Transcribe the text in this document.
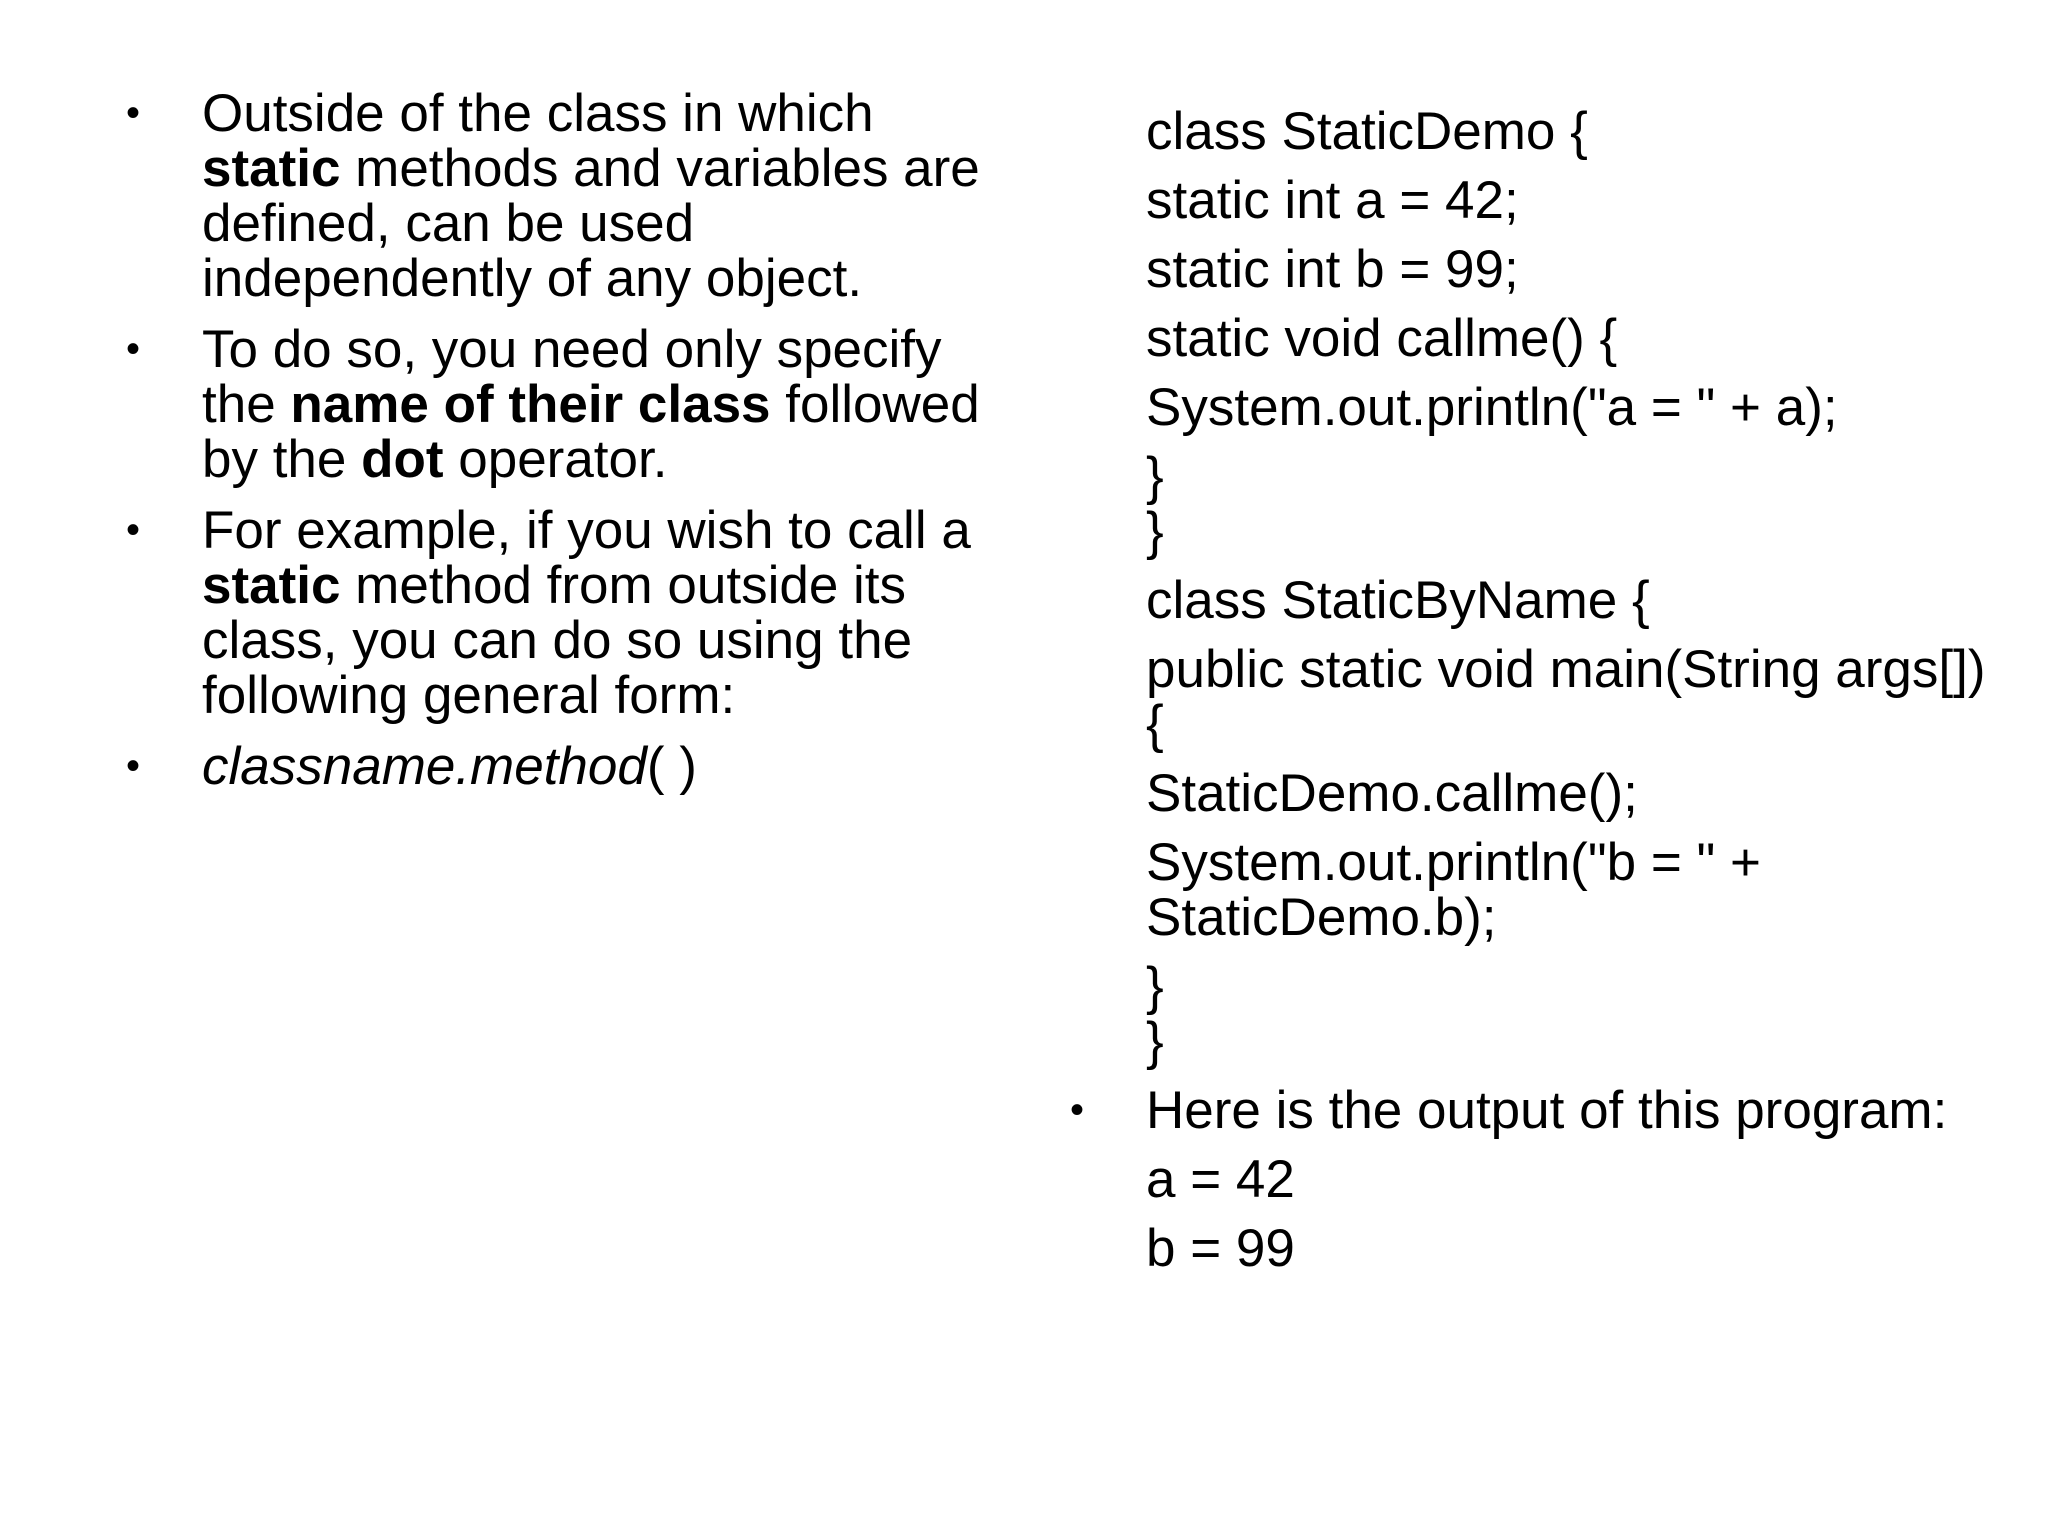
• Outside of the class in which static methods and variables are defined, can be used independently of any object.
• To do so, you need only specify the name of their class followed by the dot operator.
• For example, if you wish to call a static method from outside its class, you can do so using the following general form:
• classname.method( )
class StaticDemo {
static int a = 42;
static int b = 99;
static void callme() {
System.out.println("a = " + a);
}
}
class StaticByName {
public static void main(String args[]) {
StaticDemo.callme();
System.out.println("b = " + StaticDemo.b);
}
}
• Here is the output of this program:
a = 42
b = 99
